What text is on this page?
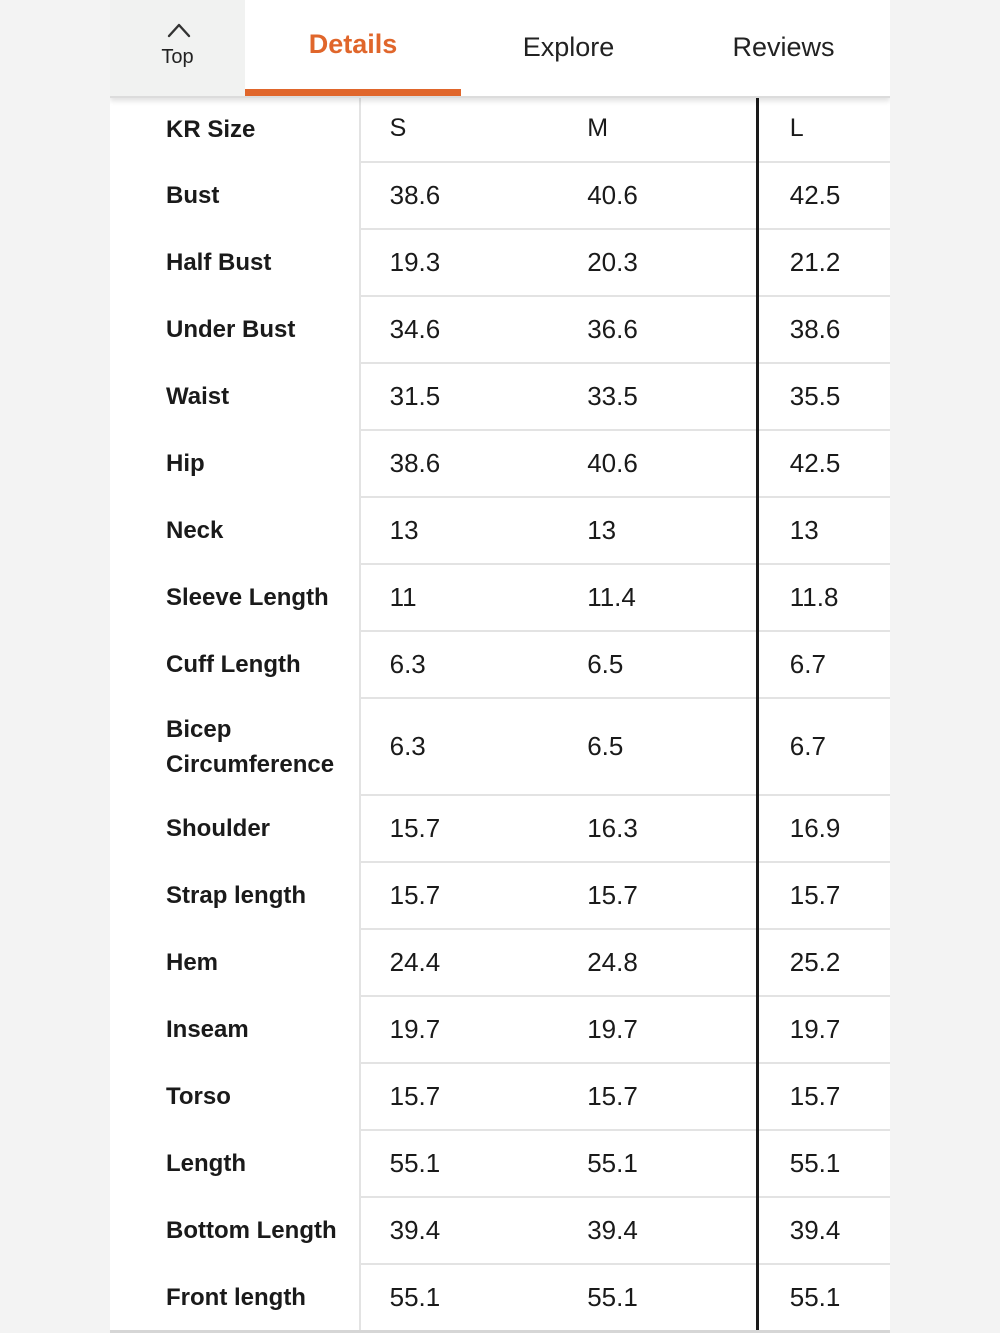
Top	Details	Explore	Reviews
KR Size	S	M	L
Bust	38.6	40.6	42.5
Half Bust	19.3	20.3	21.2
Under Bust	34.6	36.6	38.6
Waist	31.5	33.5	35.5
Hip	38.6	40.6	42.5
Neck	13	13	13
Sleeve Length	11	11.4	11.8
Cuff Length	6.3	6.5	6.7
Bicep Circumference	6.3	6.5	6.7
Shoulder	15.7	16.3	16.9
Strap length	15.7	15.7	15.7
Hem	24.4	24.8	25.2
Inseam	19.7	19.7	19.7
Torso	15.7	15.7	15.7
Length	55.1	55.1	55.1
Bottom Length	39.4	39.4	39.4
Front length	55.1	55.1	55.1
